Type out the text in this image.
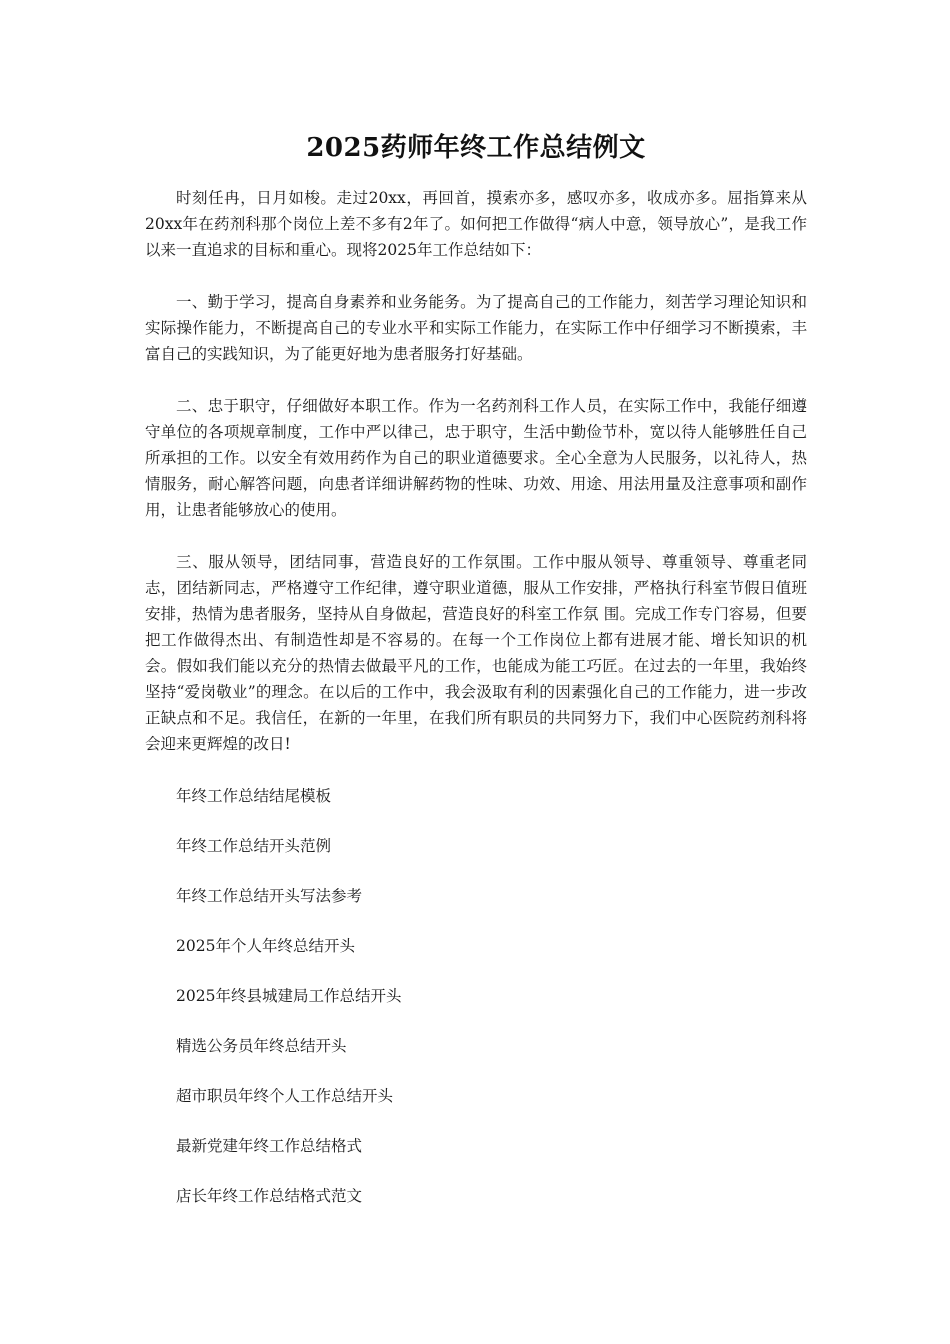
2025药师年终工作总结例文

时刻任冉，日月如梭。走过20xx，再回首，摸索亦多，感叹亦多，收成亦多。屈指算来从20xx年在药剂科那个岗位上差不多有2年了。如何把工作做得“病人中意，领导放心”，是我工作以来一直追求的目标和重心。现将2025年工作总结如下：

一、勤于学习，提高自身素养和业务能务。为了提高自己的工作能力，刻苦学习理论知识和实际操作能力，不断提高自己的专业水平和实际工作能力，在实际工作中仔细学习不断摸索，丰富自己的实践知识，为了能更好地为患者服务打好基础。

二、忠于职守，仔细做好本职工作。作为一名药剂科工作人员，在实际工作中，我能仔细遵守单位的各项规章制度，工作中严以律己，忠于职守，生活中勤俭节朴，宽以待人能够胜任自己所承担的工作。以安全有效用药作为自己的职业道德要求。全心全意为人民服务，以礼待人，热情服务，耐心解答问题，向患者详细讲解药物的性味、功效、用途、用法用量及注意事项和副作用，让患者能够放心的使用。

三、服从领导，团结同事，营造良好的工作氛围。工作中服从领导、尊重领导、尊重老同志，团结新同志，严格遵守工作纪律，遵守职业道德，服从工作安排，严格执行科室节假日值班安排，热情为患者服务，坚持从自身做起，营造良好的科室工作氛 围。完成工作专门容易，但要把工作做得杰出、有制造性却是不容易的。在每一个工作岗位上都有进展才能、增长知识的机会。假如我们能以充分的热情去做最平凡的工作，也能成为能工巧匠。在过去的一年里，我始终坚持“爱岗敬业”的理念。在以后的工作中，我会汲取有利的因素强化自己的工作能力，进一步改正缺点和不足。我信任，在新的一年里，在我们所有职员的共同努力下，我们中心医院药剂科将会迎来更辉煌的改日!

年终工作总结结尾模板
年终工作总结开头范例
年终工作总结开头写法参考
2025年个人年终总结开头
2025年终县城建局工作总结开头
精选公务员年终总结开头
超市职员年终个人工作总结开头
最新党建年终工作总结格式
店长年终工作总结格式范文
